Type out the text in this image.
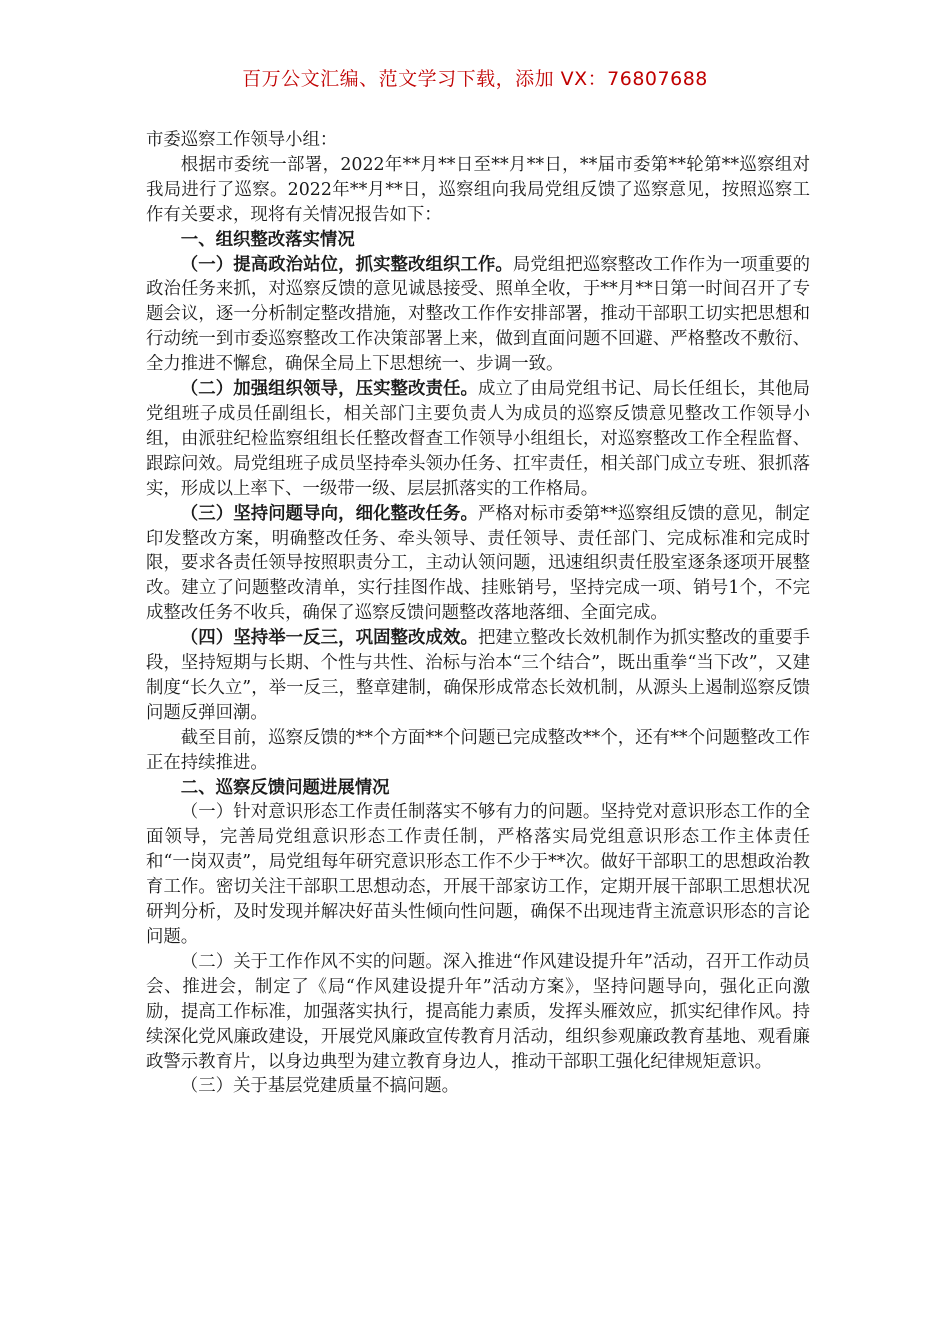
百万公文汇编、范文学习下载，添加 VX：76807688

市委巡察工作领导小组：

根据市委统一部署，2022年**月**日至**月**日，**届市委第**轮第**巡察组对我局进行了巡察。2022年**月**日，巡察组向我局党组反馈了巡察意见，按照巡察工作有关要求，现将有关情况报告如下：

一、组织整改落实情况

（一）提高政治站位，抓实整改组织工作。局党组把巡察整改工作作为一项重要的政治任务来抓，对巡察反馈的意见诚恳接受、照单全收，于**月**日第一时间召开了专题会议，逐一分析制定整改措施，对整改工作作安排部署，推动干部职工切实把思想和行动统一到市委巡察整改工作决策部署上来，做到直面问题不回避、严格整改不敷衍、全力推进不懈怠，确保全局上下思想统一、步调一致。

（二）加强组织领导，压实整改责任。成立了由局党组书记、局长任组长，其他局党组班子成员任副组长，相关部门主要负责人为成员的巡察反馈意见整改工作领导小组，由派驻纪检监察组组长任整改督查工作领导小组组长，对巡察整改工作全程监督、跟踪问效。局党组班子成员坚持牵头领办任务、扛牢责任，相关部门成立专班、狠抓落实，形成以上率下、一级带一级、层层抓落实的工作格局。

（三）坚持问题导向，细化整改任务。严格对标市委第**巡察组反馈的意见，制定印发整改方案，明确整改任务、牵头领导、责任领导、责任部门、完成标准和完成时限，要求各责任领导按照职责分工，主动认领问题，迅速组织责任股室逐条逐项开展整改。建立了问题整改清单，实行挂图作战、挂账销号，坚持完成一项、销号1个，不完成整改任务不收兵，确保了巡察反馈问题整改落地落细、全面完成。

（四）坚持举一反三，巩固整改成效。把建立整改长效机制作为抓实整改的重要手段，坚持短期与长期、个性与共性、治标与治本“三个结合”，既出重拳“当下改”，又建制度“长久立”，举一反三，整章建制，确保形成常态长效机制，从源头上遏制巡察反馈问题反弹回潮。

截至目前，巡察反馈的**个方面**个问题已完成整改**个，还有**个问题整改工作正在持续推进。

二、巡察反馈问题进展情况

（一）针对意识形态工作责任制落实不够有力的问题。坚持党对意识形态工作的全面领导，完善局党组意识形态工作责任制，严格落实局党组意识形态工作主体责任和“一岗双责”，局党组每年研究意识形态工作不少于**次。做好干部职工的思想政治教育工作。密切关注干部职工思想动态，开展干部家访工作，定期开展干部职工思想状况研判分析，及时发现并解决好苗头性倾向性问题，确保不出现违背主流意识形态的言论问题。

（二）关于工作作风不实的问题。深入推进“作风建设提升年”活动，召开工作动员会、推进会，制定了《局“作风建设提升年”活动方案》，坚持问题导向，强化正向激励，提高工作标准，加强落实执行，提高能力素质，发挥头雁效应，抓实纪律作风。持续深化党风廉政建设，开展党风廉政宣传教育月活动，组织参观廉政教育基地、观看廉政警示教育片，以身边典型为建立教育身边人，推动干部职工强化纪律规矩意识。

（三）关于基层党建质量不搞问题。
